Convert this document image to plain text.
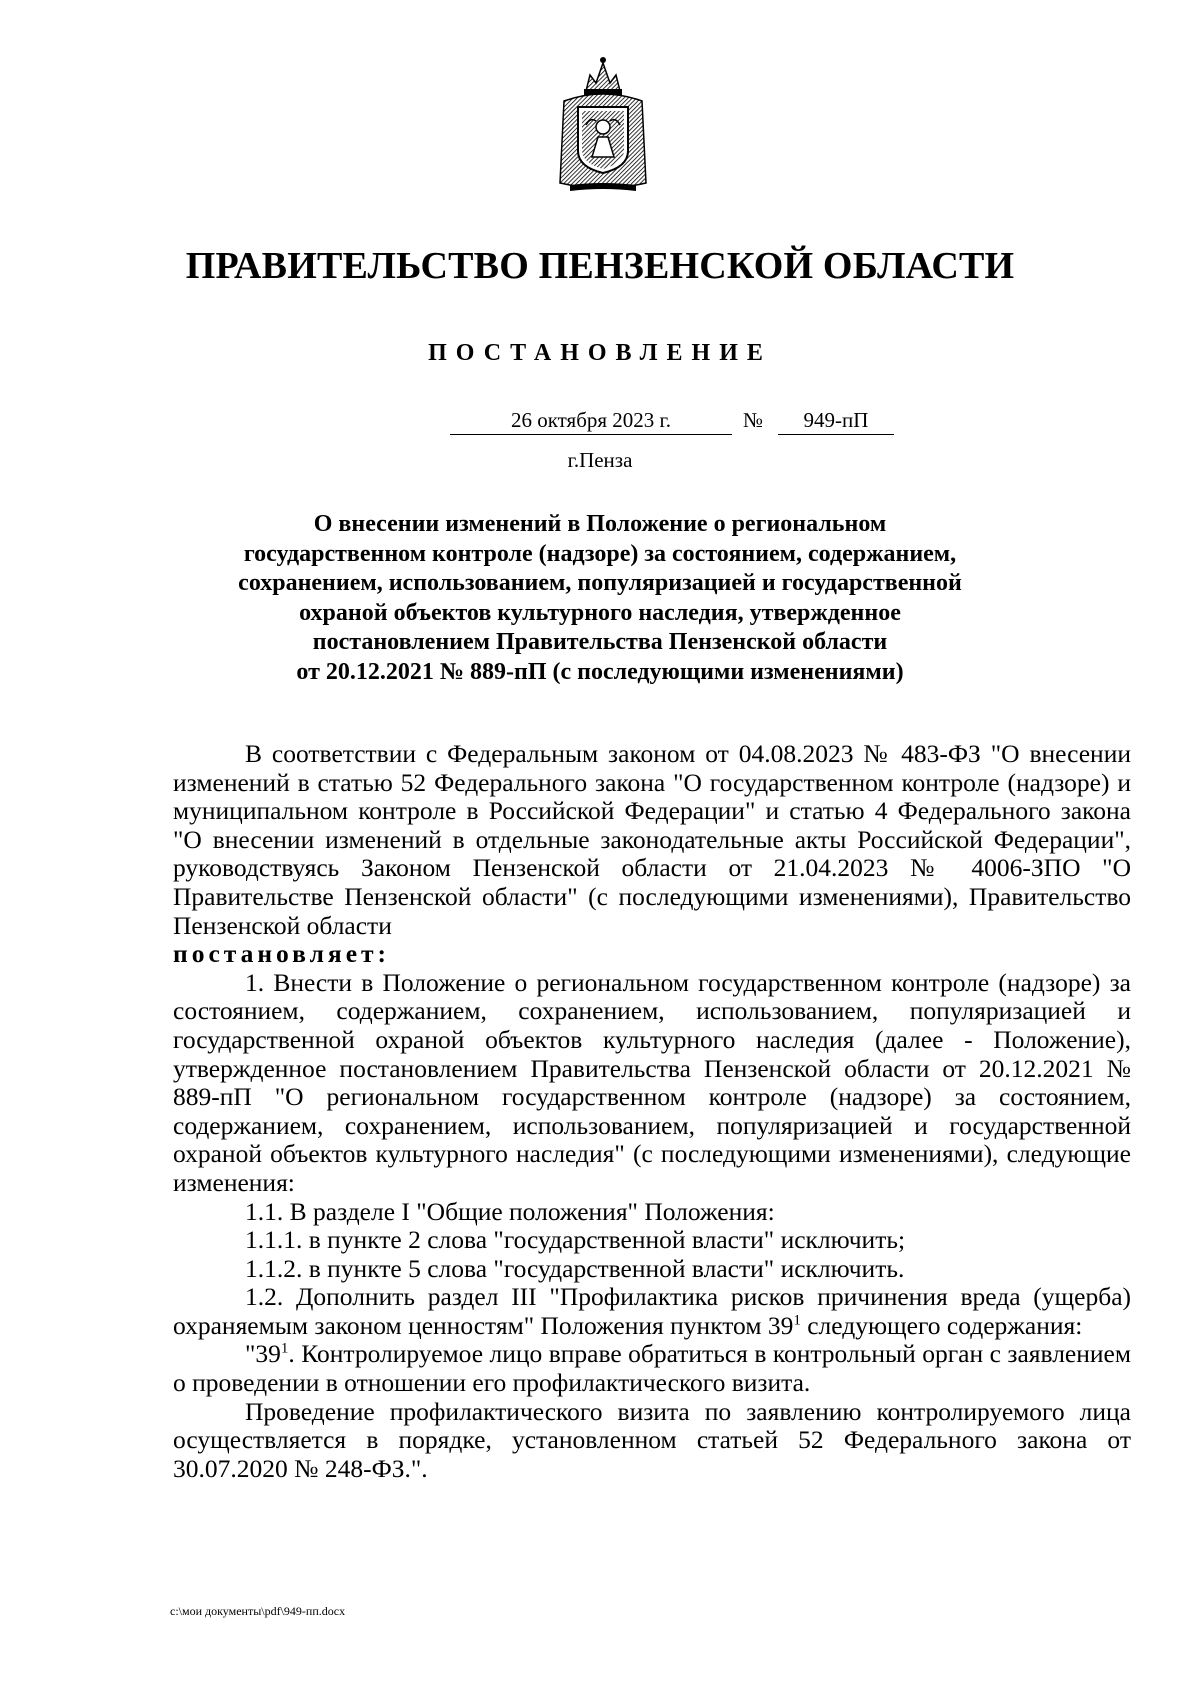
ПРАВИТЕЛЬСТВО ПЕНЗЕНСКОЙ ОБЛАСТИ
ПОСТАНОВЛЕНИЕ
26 октября 2023 г.	№	949-пП
г.Пенза
О внесении изменений в Положение о региональном
государственном контроле (надзоре) за состоянием, содержанием,
сохранением, использованием, популяризацией и государственной
охраной объектов культурного наследия, утвержденное
постановлением Правительства Пензенской области
от 20.12.2021 № 889-пП (с последующими изменениями)

В соответствии с Федеральным законом от 04.08.2023 № 483-ФЗ "О внесении изменений в статью 52 Федерального закона "О государственном контроле (надзоре) и муниципальном контроле в Российской Федерации" и статью 4 Федерального закона "О внесении изменений в отдельные законодательные акты Российской Федерации", руководствуясь Законом Пензенской области от 21.04.2023 № 4006-ЗПО "О Правительстве Пензенской области" (с последующими изменениями), Правительство Пензенской области

постановляет:

1. Внести в Положение о региональном государственном контроле (надзоре) за состоянием, содержанием, сохранением, использованием, популяризацией и государственной охраной объектов культурного наследия (далее - Положение), утвержденное постановлением Правительства Пензенской области от 20.12.2021 № 889-пП "О региональном государственном контроле (надзоре) за состоянием, содержанием, сохранением, использованием, популяризацией и государственной охраной объектов культурного наследия" (с последующими изменениями), следующие изменения:

1.1. В разделе I "Общие положения" Положения:

1.1.1. в пункте 2 слова "государственной власти" исключить;

1.1.2. в пункте 5 слова "государственной власти" исключить.

1.2. Дополнить раздел III "Профилактика рисков причинения вреда (ущерба) охраняемым законом ценностям" Положения пунктом $39^1$ следующего содержания:

"$39^1$. Контролируемое лицо вправе обратиться в контрольный орган с заявлением о проведении в отношении его профилактического визита.

Проведение профилактического визита по заявлению контролируемого лица осуществляется в порядке, установленном статьей 52 Федерального закона от 30.07.2020 № 248-ФЗ.".

c:\мои документы\pdf\949-пп.docx
